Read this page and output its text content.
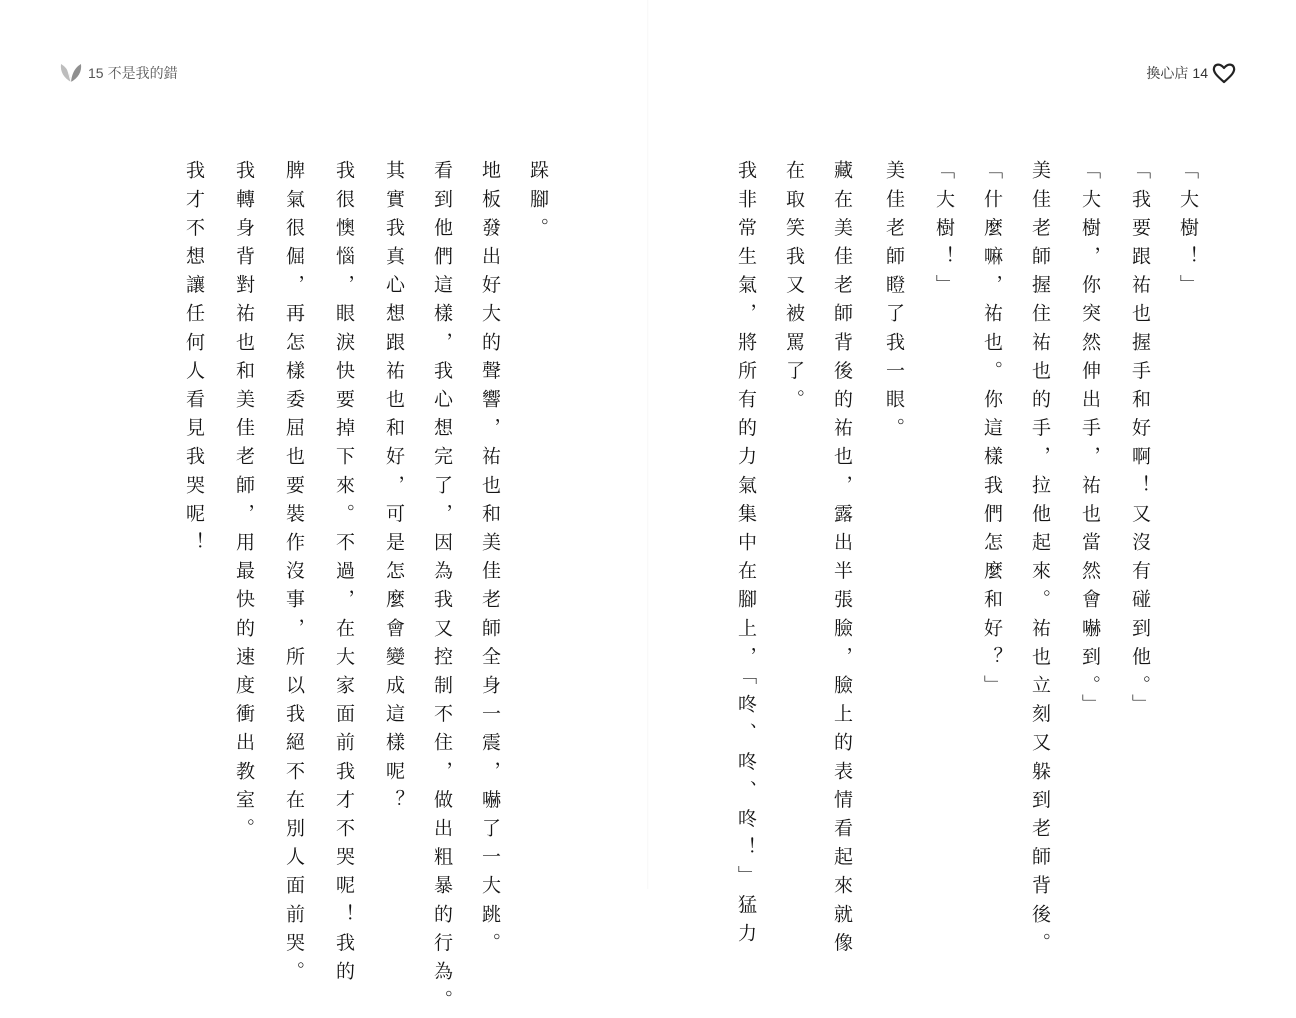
15 不是我的錯
跺腳。
地板發出好大的聲響，祐也和美佳老師全身一震，嚇了一大跳。
看到他們這樣，我心想完了，因為我又控制不住，做出粗暴的行為。
其實我真心想跟祐也和好，可是怎麼會變成這樣呢？
我很懊惱，眼淚快要掉下來。不過，在大家面前我才不哭呢！我的
脾氣很倔，再怎樣委屈也要裝作沒事，所以我絕不在別人面前哭。
我轉身背對祐也和美佳老師，用最快的速度衝出教室。
我才不想讓任何人看見我哭呢！
換心店 14
「大樹！」
「我要跟祐也握手和好啊！又沒有碰到他。」
「大樹，你突然伸出手，祐也當然會嚇到。」
美佳老師握住祐也的手，拉他起來。祐也立刻又躲到老師背後。
「什麼嘛，祐也。你這樣我們怎麼和好？」
「大樹！」
美佳老師瞪了我一眼。
藏在美佳老師背後的祐也，露出半張臉，臉上的表情看起來就像
在取笑我又被罵了。
我非常生氣，將所有的力氣集中在腳上，「咚、咚、咚！」猛力
